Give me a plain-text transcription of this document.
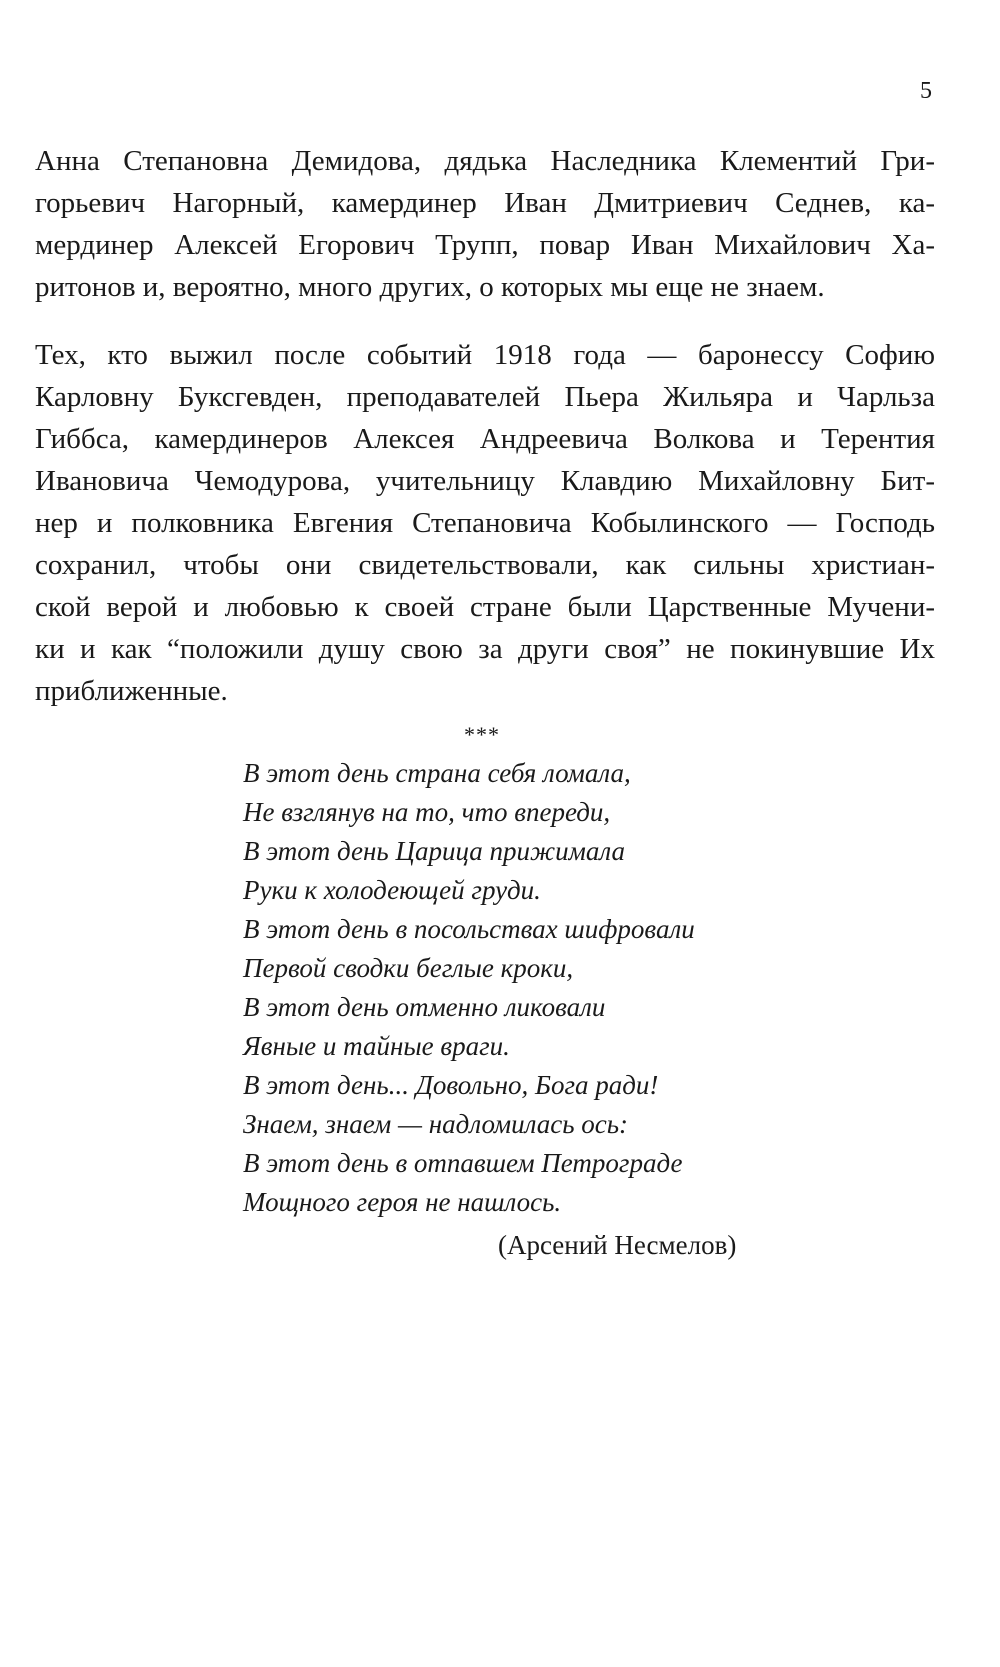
5
Анна Степановна Демидова, дядька Наследника Клементий Гри-
горьевич Нагорный, камердинер Иван Дмитриевич Седнев, ка-
мердинер Алексей Егорович Трупп, повар Иван Михайлович Ха-
ритонов и, вероятно, много других, о которых мы еще не знаем.
Тех, кто выжил после событий 1918 года — баронессу Софию
Карловну Буксгевден, преподавателей Пьера Жильяра и Чарльза
Гиббса, камердинеров Алексея Андреевича Волкова и Терентия
Ивановича Чемодурова, учительницу Клавдию Михайловну Бит-
нер и полковника Евгения Степановича Кобылинского — Господь
сохранил, чтобы они свидетельствовали, как сильны христиан-
ской верой и любовью к своей стране были Царственные Мучени-
ки и как “положили душу свою за други своя” не покинувшие Их
приближенные.
***
В этот день страна себя ломала,
Не взглянув на то, что впереди,
В этот день Царица прижимала
Руки к холодеющей груди.
В этот день в посольствах шифровали
Первой сводки беглые кроки,
В этот день отменно ликовали
Явные и тайные враги.
В этот день... Довольно, Бога ради!
Знаем, знаем — надломилась ось:
В этот день в отпавшем Петрограде
Мощного героя не нашлось.
(Арсений Несмелов)
